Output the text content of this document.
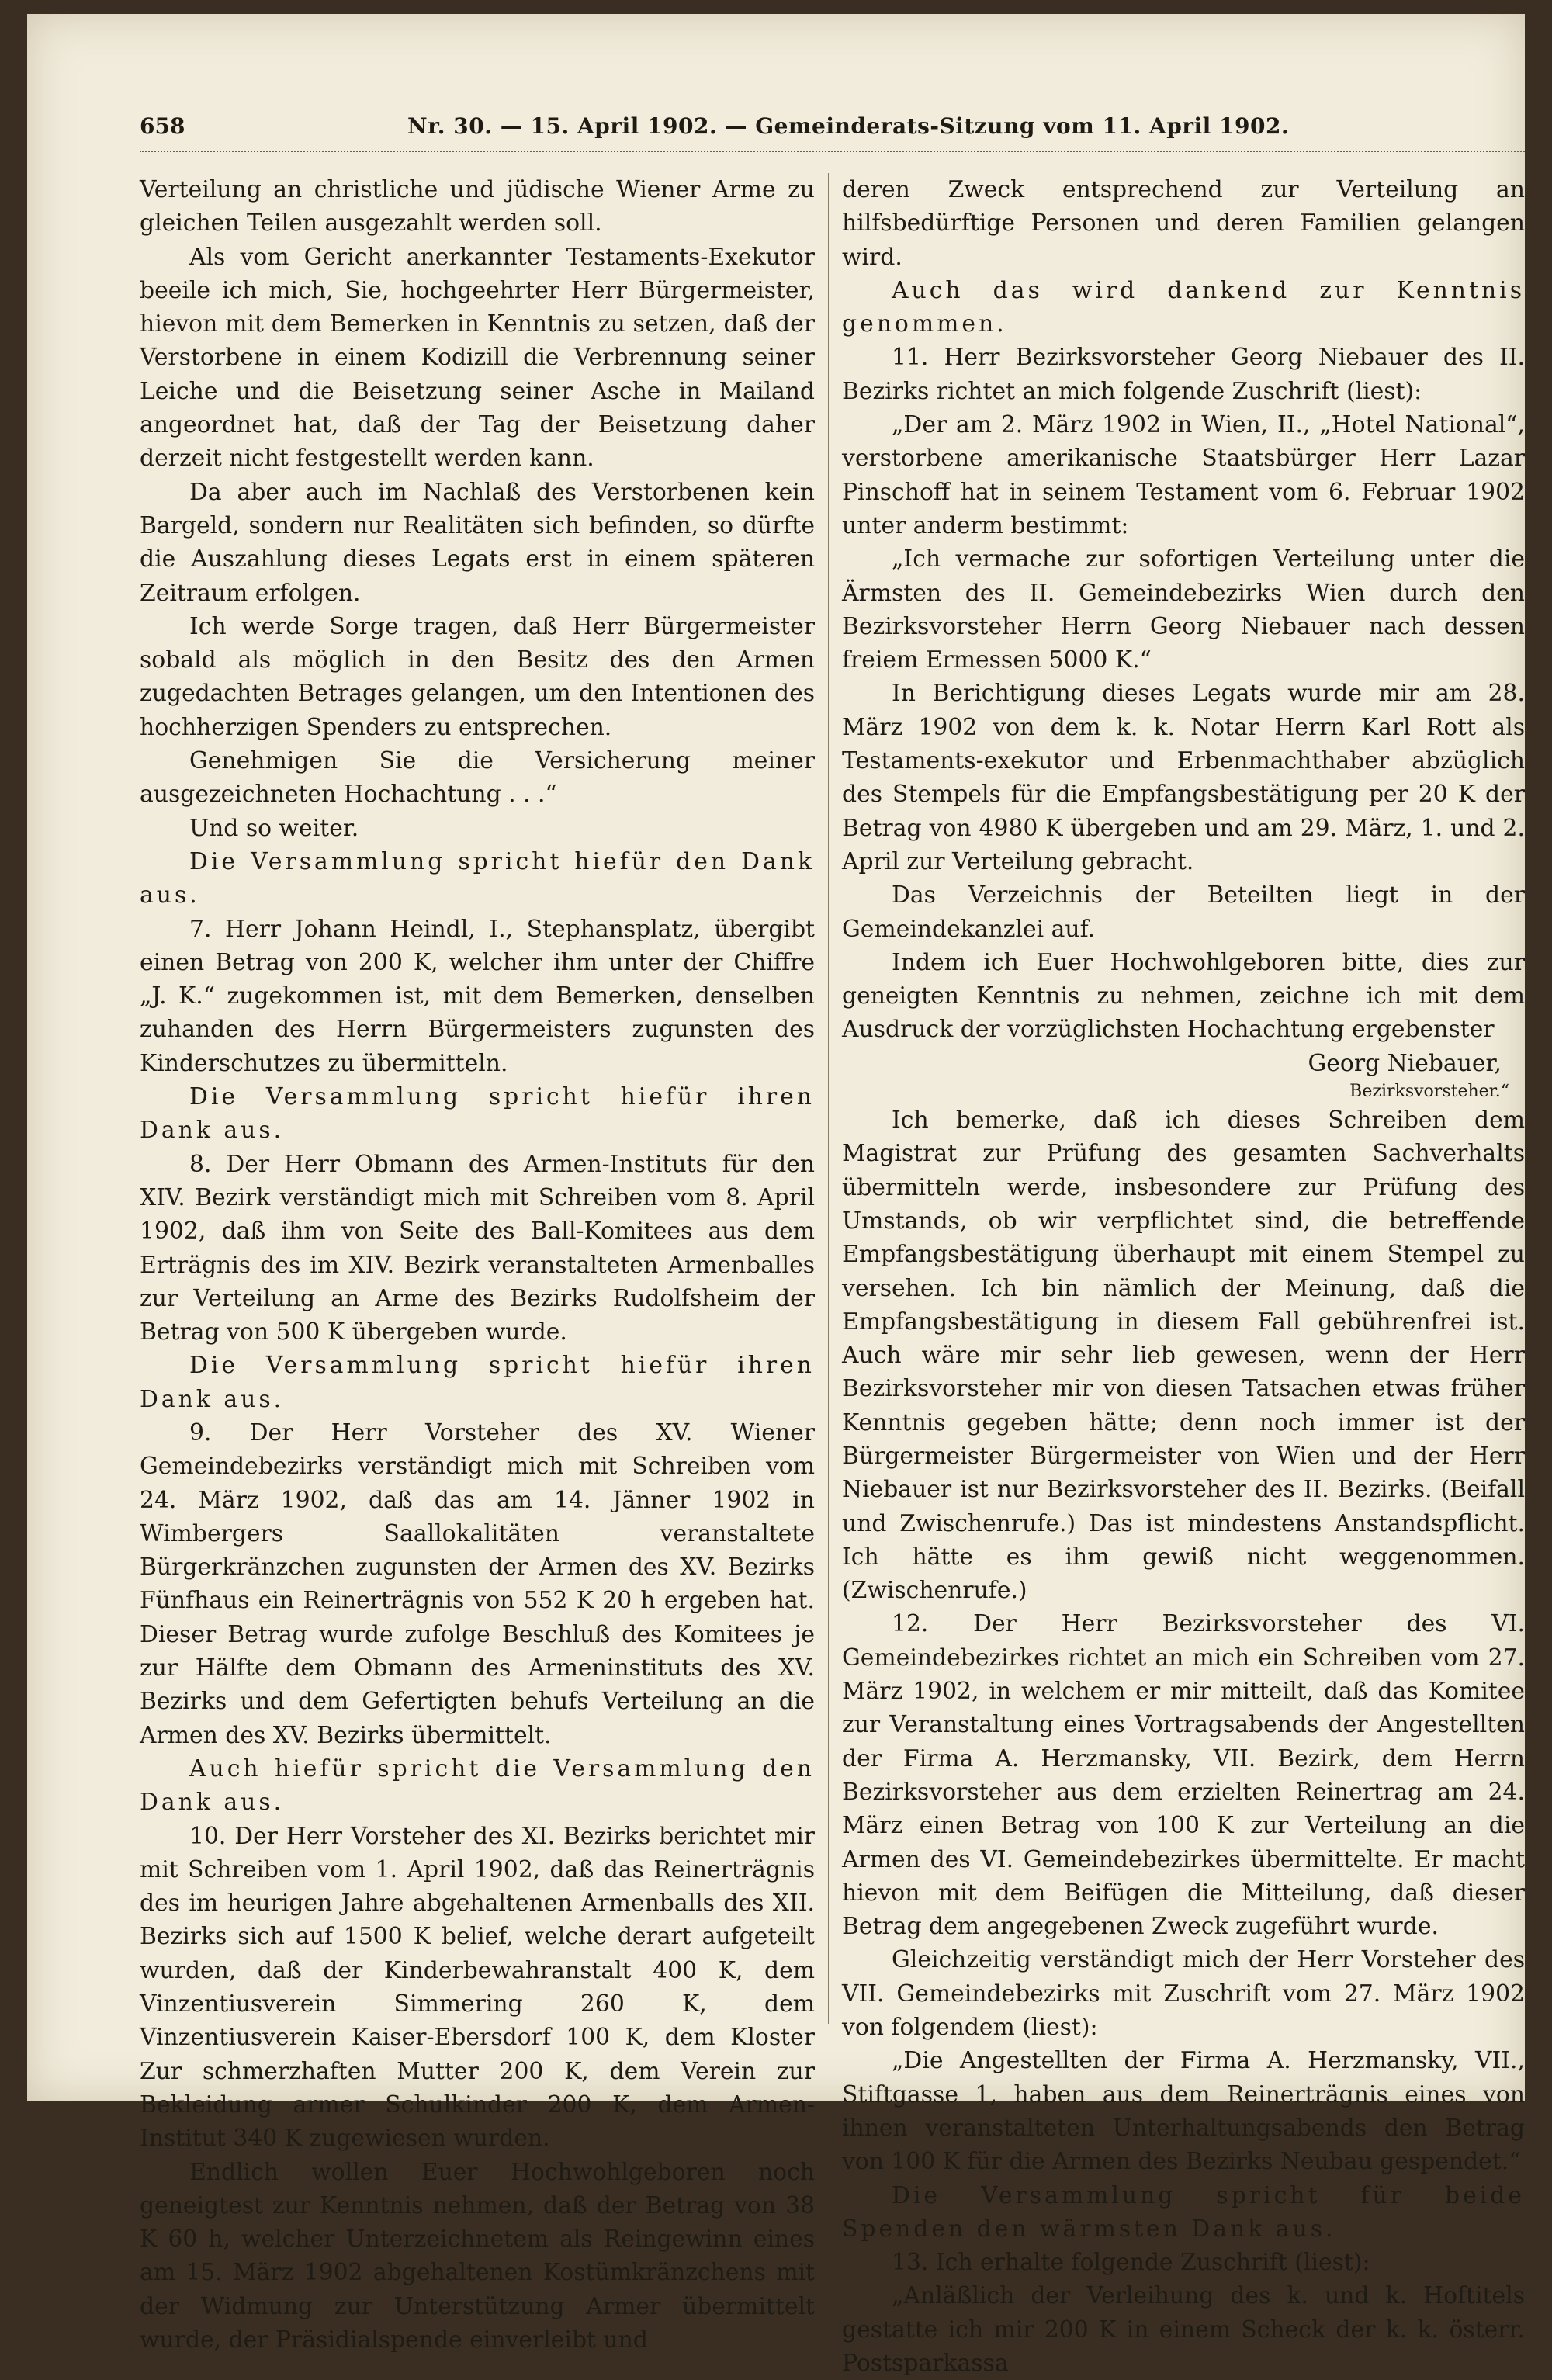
658	Nr. 30. — 15. April 1902. — Gemeinderats-Sitzung vom 11. April 1902.

Verteilung an christliche und jüdische Wiener Arme zu gleichen Teilen ausgezahlt werden soll.

Als vom Gericht anerkannter Testaments-Exekutor beeile ich mich, Sie, hochgeehrter Herr Bürgermeister, hievon mit dem Bemerken in Kenntnis zu setzen, daß der Verstorbene in einem Kodizill die Verbrennung seiner Leiche und die Beisetzung seiner Asche in Mailand angeordnet hat, daß der Tag der Beisetzung daher derzeit nicht festgestellt werden kann.

Da aber auch im Nachlaß des Verstorbenen kein Bargeld, sondern nur Realitäten sich befinden, so dürfte die Auszahlung dieses Legats erst in einem späteren Zeitraum erfolgen.

Ich werde Sorge tragen, daß Herr Bürgermeister sobald als möglich in den Besitz des den Armen zugedachten Betrages gelangen, um den Intentionen des hochherzigen Spenders zu entsprechen.

Genehmigen Sie die Versicherung meiner ausgezeichneten Hochachtung . . .“

Und so weiter.

Die Versammlung spricht hiefür den Dank aus.

7. Herr Johann Heindl, I., Stephansplatz, übergibt einen Betrag von 200 K, welcher ihm unter der Chiffre „J. K.“ zugekommen ist, mit dem Bemerken, denselben zuhanden des Herrn Bürgermeisters zugunsten des Kinderschutzes zu übermitteln.

Die Versammlung spricht hiefür ihren Dank aus.

8. Der Herr Obmann des Armen-Instituts für den XIV. Bezirk verständigt mich mit Schreiben vom 8. April 1902, daß ihm von Seite des Ball-Komitees aus dem Erträgnis des im XIV. Bezirk veranstalteten Armenballes zur Verteilung an Arme des Bezirks Rudolfsheim der Betrag von 500 K übergeben wurde.

Die Versammlung spricht hiefür ihren Dank aus.

9. Der Herr Vorsteher des XV. Wiener Gemeindebezirks verständigt mich mit Schreiben vom 24. März 1902, daß das am 14. Jänner 1902 in Wimbergers Saallokalitäten veranstaltete Bürgerkränzchen zugunsten der Armen des XV. Bezirks Fünfhaus ein Reinerträgnis von 552 K 20 h ergeben hat. Dieser Betrag wurde zufolge Beschluß des Komitees je zur Hälfte dem Obmann des Armeninstituts des XV. Bezirks und dem Gefertigten behufs Verteilung an die Armen des XV. Bezirks übermittelt.

Auch hiefür spricht die Versammlung den Dank aus.

10. Der Herr Vorsteher des XI. Bezirks berichtet mir mit Schreiben vom 1. April 1902, daß das Reinerträgnis des im heurigen Jahre abgehaltenen Armenballs des XII. Bezirks sich auf 1500 K belief, welche derart aufgeteilt wurden, daß der Kinderbewahranstalt 400 K, dem Vinzentiusverein Simmering 260 K, dem Vinzentiusverein Kaiser-Ebersdorf 100 K, dem Kloster Zur schmerzhaften Mutter 200 K, dem Verein zur Bekleidung armer Schulkinder 200 K, dem Armen-Institut 340 K zugewiesen wurden.

Endlich wollen Euer Hochwohlgeboren noch geneigtest zur Kenntnis nehmen, daß der Betrag von 38 K 60 h, welcher Unterzeichnetem als Reingewinn eines am 15. März 1902 abgehaltenen Kostümkränzchens mit der Widmung zur Unterstützung Armer übermittelt wurde, der Präsidialspende einverleibt und

deren Zweck entsprechend zur Verteilung an hilfsbedürftige Personen und deren Familien gelangen wird.

Auch das wird dankend zur Kenntnis genommen.

11. Herr Bezirksvorsteher Georg Niebauer des II. Bezirks richtet an mich folgende Zuschrift (liest):

„Der am 2. März 1902 in Wien, II., „Hotel National“, verstorbene amerikanische Staatsbürger Herr Lazar Pinschoff hat in seinem Testament vom 6. Februar 1902 unter anderm bestimmt:

„Ich vermache zur sofortigen Verteilung unter die Ärmsten des II. Gemeindebezirks Wien durch den Bezirksvorsteher Herrn Georg Niebauer nach dessen freiem Ermessen 5000 K.“

In Berichtigung dieses Legats wurde mir am 28. März 1902 von dem k. k. Notar Herrn Karl Rott als Testaments-exekutor und Erbenmachthaber abzüglich des Stempels für die Empfangsbestätigung per 20 K der Betrag von 4980 K übergeben und am 29. März, 1. und 2. April zur Verteilung gebracht.

Das Verzeichnis der Beteilten liegt in der Gemeindekanzlei auf.

Indem ich Euer Hochwohlgeboren bitte, dies zur geneigten Kenntnis zu nehmen, zeichne ich mit dem Ausdruck der vorzüglichsten Hochachtung ergebenster

Georg Niebauer,

Bezirksvorsteher.“

Ich bemerke, daß ich dieses Schreiben dem Magistrat zur Prüfung des gesamten Sachverhalts übermitteln werde, insbesondere zur Prüfung des Umstands, ob wir verpflichtet sind, die betreffende Empfangsbestätigung überhaupt mit einem Stempel zu versehen. Ich bin nämlich der Meinung, daß die Empfangsbestätigung in diesem Fall gebührenfrei ist. Auch wäre mir sehr lieb gewesen, wenn der Herr Bezirksvorsteher mir von diesen Tatsachen etwas früher Kenntnis gegeben hätte; denn noch immer ist der Bürgermeister Bürgermeister von Wien und der Herr Niebauer ist nur Bezirksvorsteher des II. Bezirks. (Beifall und Zwischenrufe.) Das ist mindestens Anstandspflicht. Ich hätte es ihm gewiß nicht weggenommen. (Zwischenrufe.)

12. Der Herr Bezirksvorsteher des VI. Gemeindebezirkes richtet an mich ein Schreiben vom 27. März 1902, in welchem er mir mitteilt, daß das Komitee zur Veranstaltung eines Vortragsabends der Angestellten der Firma A. Herzmansky, VII. Bezirk, dem Herrn Bezirksvorsteher aus dem erzielten Reinertrag am 24. März einen Betrag von 100 K zur Verteilung an die Armen des VI. Gemeindebezirkes übermittelte. Er macht hievon mit dem Beifügen die Mitteilung, daß dieser Betrag dem angegebenen Zweck zugeführt wurde.

Gleichzeitig verständigt mich der Herr Vorsteher des VII. Gemeindebezirks mit Zuschrift vom 27. März 1902 von folgendem (liest):

„Die Angestellten der Firma A. Herzmansky, VII., Stiftgasse 1, haben aus dem Reinerträgnis eines von ihnen veranstalteten Unterhaltungsabends den Betrag von 100 K für die Armen des Bezirks Neubau gespendet.“

Die Versammlung spricht für beide Spenden den wärmsten Dank aus.

13. Ich erhalte folgende Zuschrift (liest):

„Anläßlich der Verleihung des k. und k. Hoftitels gestatte ich mir 200 K in einem Scheck der k. k. österr. Postsparkassa
